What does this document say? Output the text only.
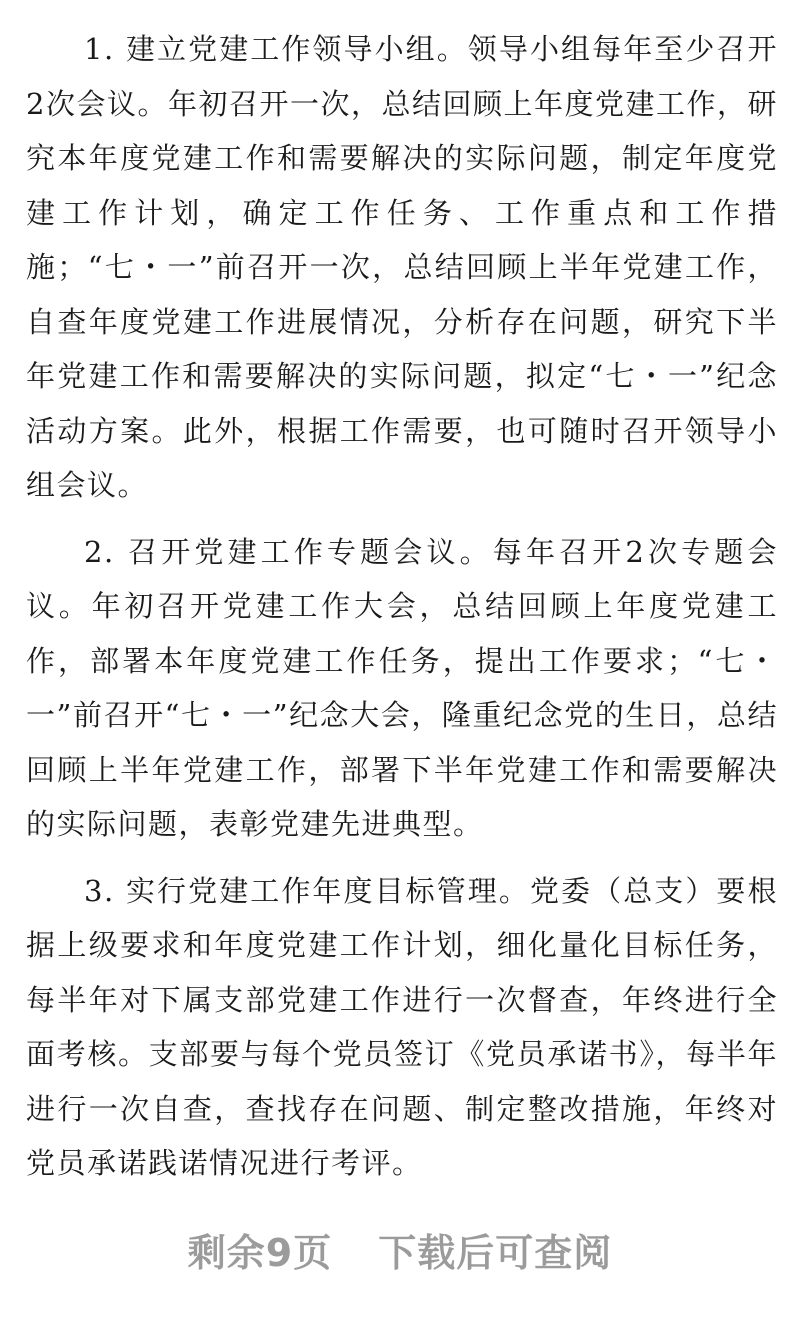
1. 建立党建工作领导小组。领导小组每年至少召开2次会议。年初召开一次，总结回顾上年度党建工作，研究本年度党建工作和需要解决的实际问题，制定年度党建工作计划，确定工作任务、工作重点和工作措施；“七・一”前召开一次，总结回顾上半年党建工作，自查年度党建工作进展情况，分析存在问题，研究下半年党建工作和需要解决的实际问题，拟定“七・一”纪念活动方案。此外，根据工作需要，也可随时召开领导小组会议。

2. 召开党建工作专题会议。每年召开2次专题会议。年初召开党建工作大会，总结回顾上年度党建工作，部署本年度党建工作任务，提出工作要求；“七・一”前召开“七・一”纪念大会，隆重纪念党的生日，总结回顾上半年党建工作，部署下半年党建工作和需要解决的实际问题，表彰党建先进典型。

3. 实行党建工作年度目标管理。党委（总支）要根据上级要求和年度党建工作计划，细化量化目标任务，每半年对下属支部党建工作进行一次督查，年终进行全面考核。支部要与每个党员签订《党员承诺书》，每半年进行一次自查，查找存在问题、制定整改措施，年终对党员承诺践诺情况进行考评。

剩余9页 下载后可查阅
